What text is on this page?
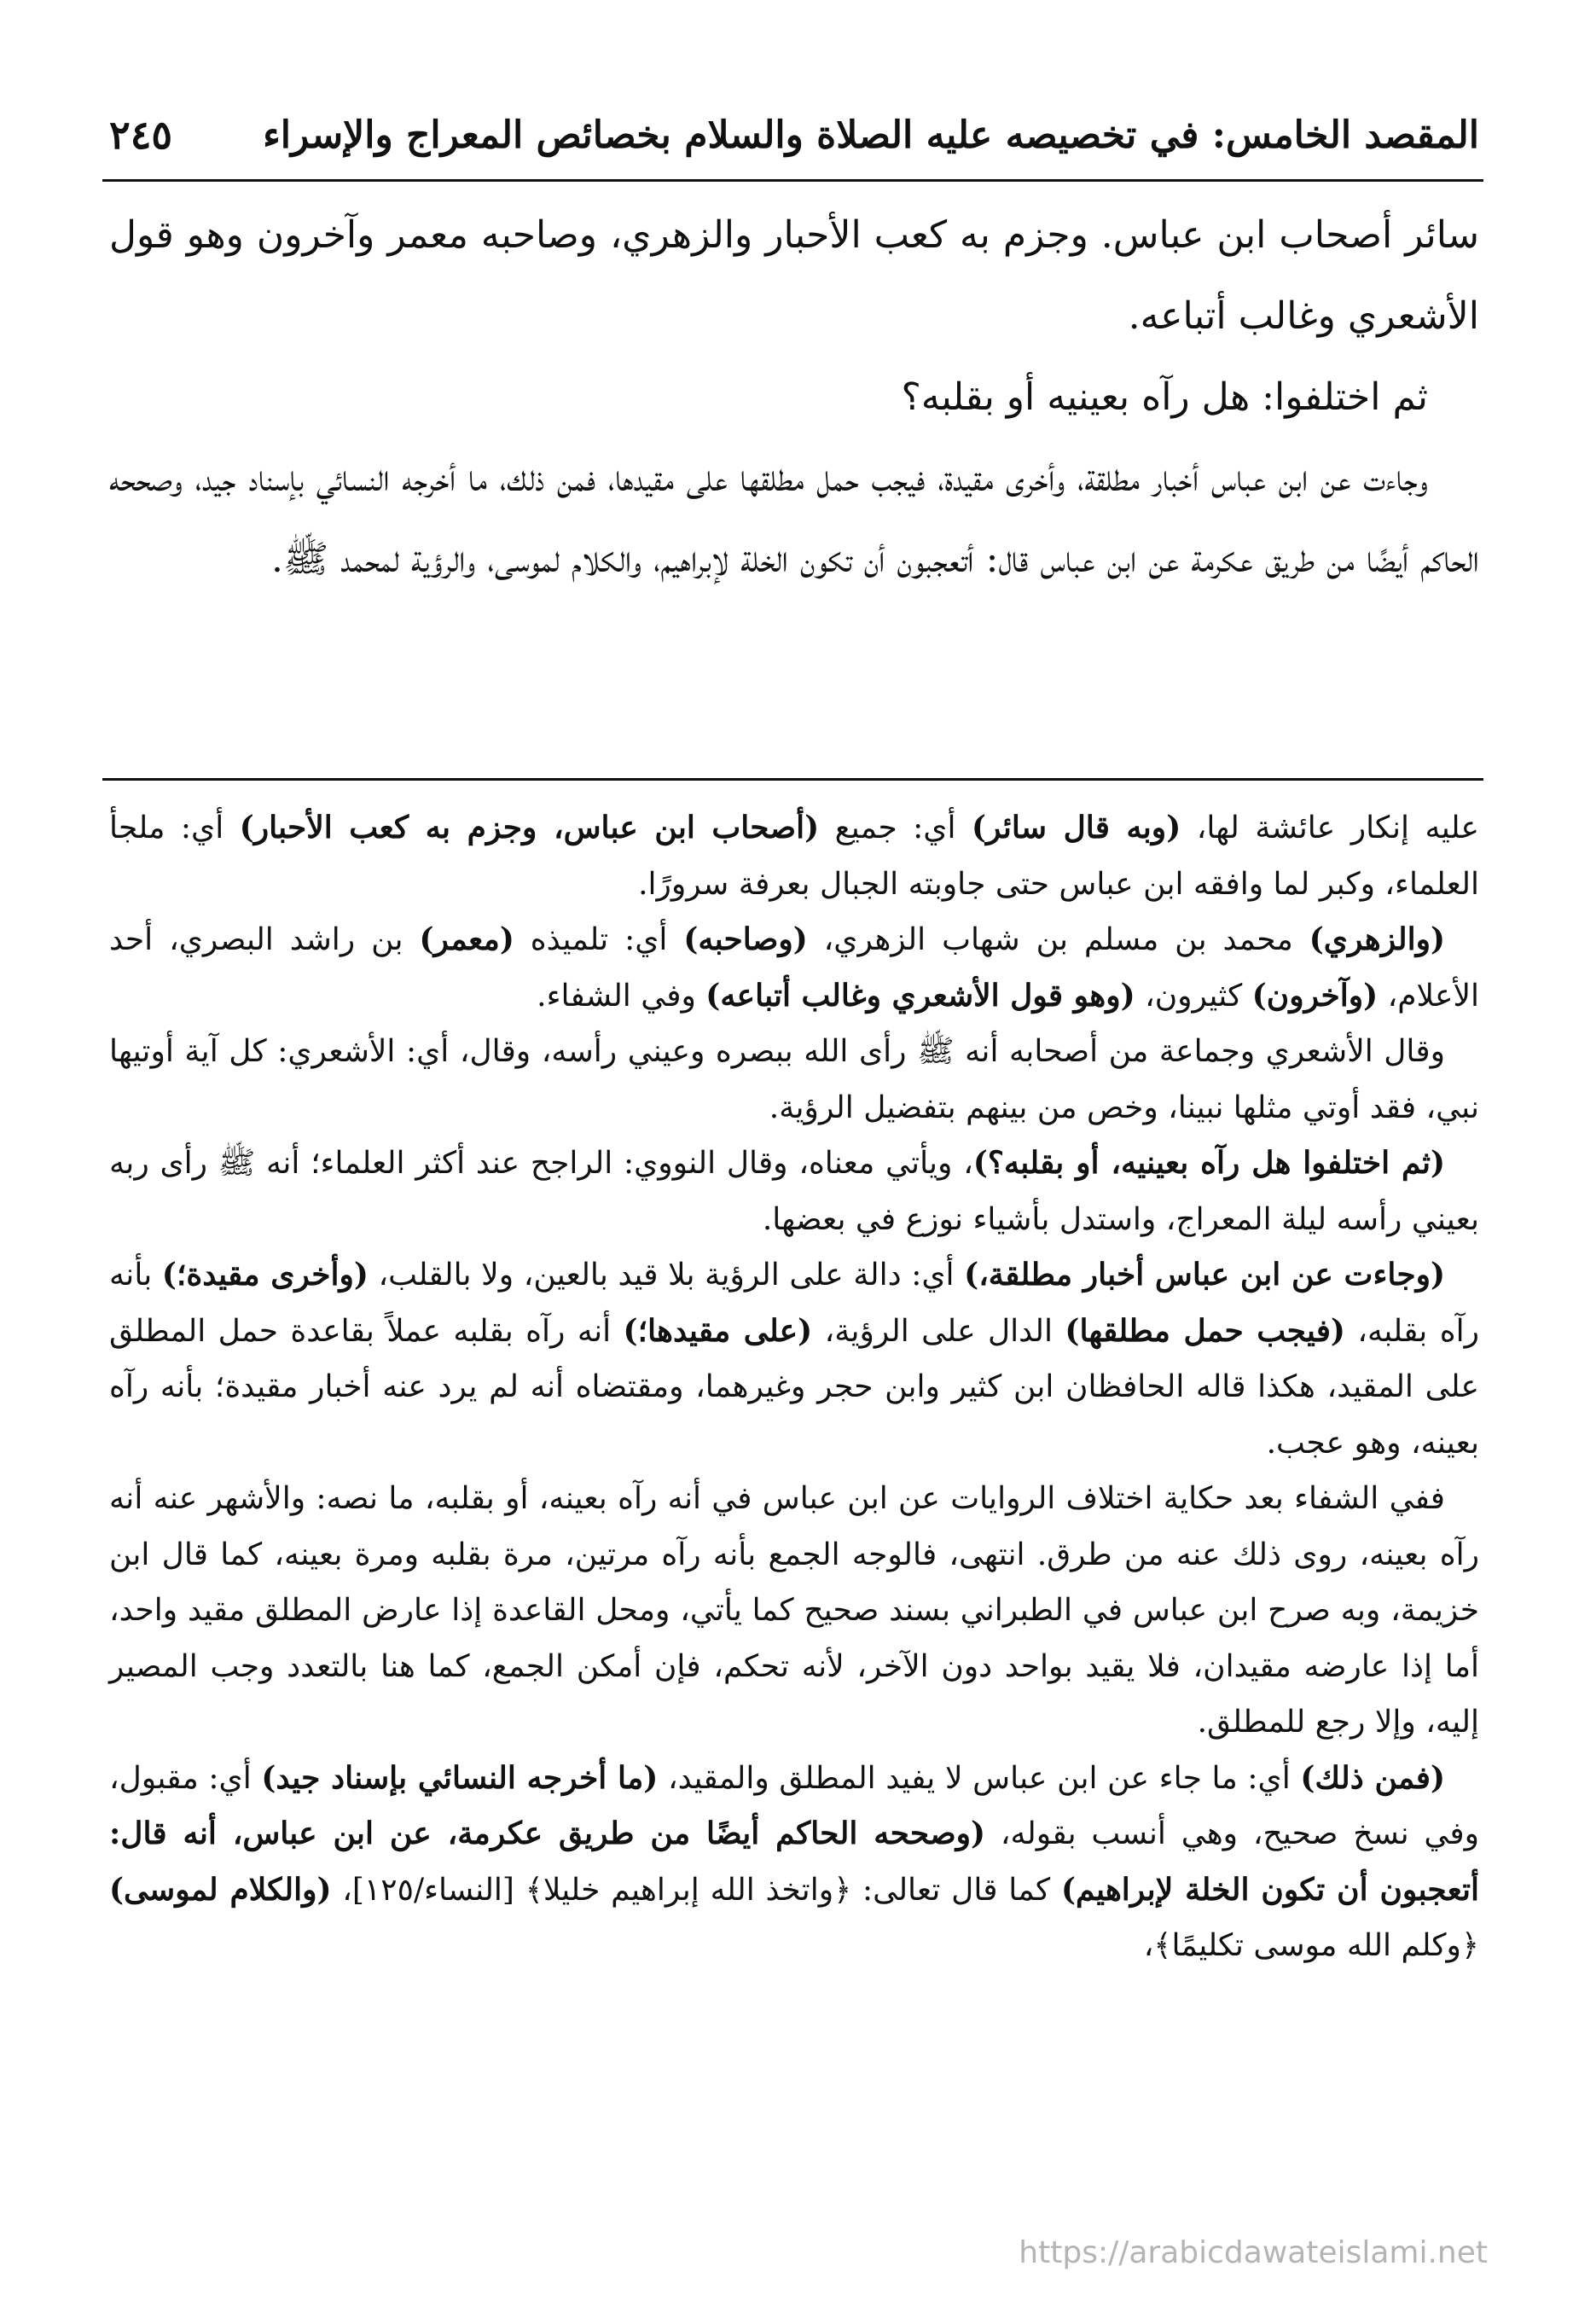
المقصد الخامس: في تخصيصه عليه الصلاة والسلام بخصائص المعراج والإسراء
٢٤٥

سائر أصحاب ابن عباس. وجزم به كعب الأحبار والزهري، وصاحبه معمر وآخرون وهو قول الأشعري وغالب أتباعه.

ثم اختلفوا: هل رآه بعينيه أو بقلبه؟

وجاءت عن ابن عباس أخبار مطلقة، وأخرى مقيدة، فيجب حمل مطلقها على مقيدها، فمن ذلك، ما أخرجه النسائي بإسناد جيد، وصححه الحاكم أيضًا من طريق عكرمة عن ابن عباس قال: أتعجبون أن تكون الخلة لإبراهيم، والكلام لموسى، والرؤية لمحمد ﷺ.

عليه إنكار عائشة لها، (وبه قال سائر) أي: جميع (أصحاب ابن عباس، وجزم به كعب الأحبار) أي: ملجأ العلماء، وكبر لما وافقه ابن عباس حتى جاوبته الجبال بعرفة سرورًا.

(والزهري) محمد بن مسلم بن شهاب الزهري، (وصاحبه) أي: تلميذه (معمر) بن راشد البصري، أحد الأعلام، (وآخرون) كثيرون، (وهو قول الأشعري وغالب أتباعه) وفي الشفاء.

وقال الأشعري وجماعة من أصحابه أنه ﷺ رأى الله ببصره وعيني رأسه، وقال، أي: الأشعري: كل آية أوتيها نبي، فقد أوتي مثلها نبينا، وخص من بينهم بتفضيل الرؤية.

(ثم اختلفوا هل رآه بعينيه، أو بقلبه؟)، ويأتي معناه، وقال النووي: الراجح عند أكثر العلماء؛ أنه ﷺ رأى ربه بعيني رأسه ليلة المعراج، واستدل بأشياء نوزع في بعضها.

(وجاءت عن ابن عباس أخبار مطلقة،) أي: دالة على الرؤية بلا قيد بالعين، ولا بالقلب، (وأخرى مقيدة؛) بأنه رآه بقلبه، (فيجب حمل مطلقها) الدال على الرؤية، (على مقيدها؛) أنه رآه بقلبه عملاً بقاعدة حمل المطلق على المقيد، هكذا قاله الحافظان ابن كثير وابن حجر وغيرهما، ومقتضاه أنه لم يرد عنه أخبار مقيدة؛ بأنه رآه بعينه، وهو عجب.

ففي الشفاء بعد حكاية اختلاف الروايات عن ابن عباس في أنه رآه بعينه، أو بقلبه، ما نصه: والأشهر عنه أنه رآه بعينه، روى ذلك عنه من طرق. انتهى، فالوجه الجمع بأنه رآه مرتين، مرة بقلبه ومرة بعينه، كما قال ابن خزيمة، وبه صرح ابن عباس في الطبراني بسند صحيح كما يأتي، ومحل القاعدة إذا عارض المطلق مقيد واحد، أما إذا عارضه مقيدان، فلا يقيد بواحد دون الآخر، لأنه تحكم، فإن أمكن الجمع، كما هنا بالتعدد وجب المصير إليه، وإلا رجع للمطلق.

(فمن ذلك) أي: ما جاء عن ابن عباس لا يفيد المطلق والمقيد، (ما أخرجه النسائي بإسناد جيد) أي: مقبول، وفي نسخ صحيح، وهي أنسب بقوله، (وصححه الحاكم أيضًا من طريق عكرمة، عن ابن عباس، أنه قال: أتعجبون أن تكون الخلة لإبراهيم) كما قال تعالى: ﴿واتخذ الله إبراهيم خليلا﴾ [النساء/١٢٥]، (والكلام لموسى) ﴿وكلم الله موسى تكليمًا﴾،

https://arabicdawateislami.net
